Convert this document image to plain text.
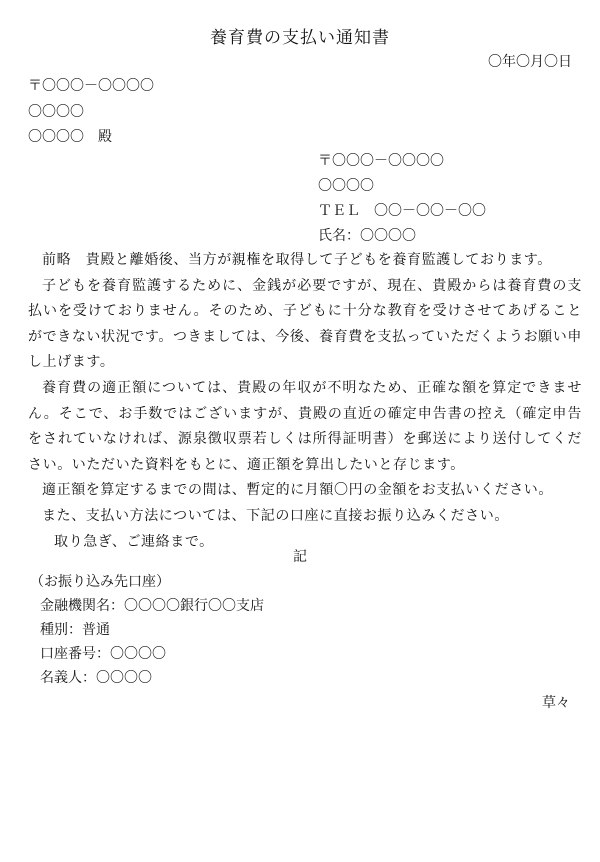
養育費の支払い通知書
〇年〇月〇日
〒〇〇〇－〇〇〇〇
〇〇〇〇
〇〇〇〇　殿
〒〇〇〇－〇〇〇〇
〇〇〇〇
ＴＥＬ　〇〇－〇〇－〇〇
氏名：〇〇〇〇

前略　貴殿と離婚後、当方が親権を取得して子どもを養育監護しております。

子どもを養育監護するために、金銭が必要ですが、現在、貴殿からは養育費の支払いを受けておりません。そのため、子どもに十分な教育を受けさせてあげることができない状況です。つきましては、今後、養育費を支払っていただくようお願い申し上げます。

養育費の適正額については、貴殿の年収が不明なため、正確な額を算定できません。そこで、お手数ではございますが、貴殿の直近の確定申告書の控え（確定申告をされていなければ、源泉徴収票若しくは所得証明書）を郵送により送付してください。いただいた資料をもとに、適正額を算出したいと存じます。

適正額を算定するまでの間は、暫定的に月額〇円の金額をお支払いください。

また、支払い方法については、下記の口座に直接お振り込みください。

取り急ぎ、ご連絡まで。
記
（お振り込み先口座）
金融機関名：〇〇〇〇銀行〇〇支店
種別：普通
口座番号：〇〇〇〇
名義人：〇〇〇〇
草々
